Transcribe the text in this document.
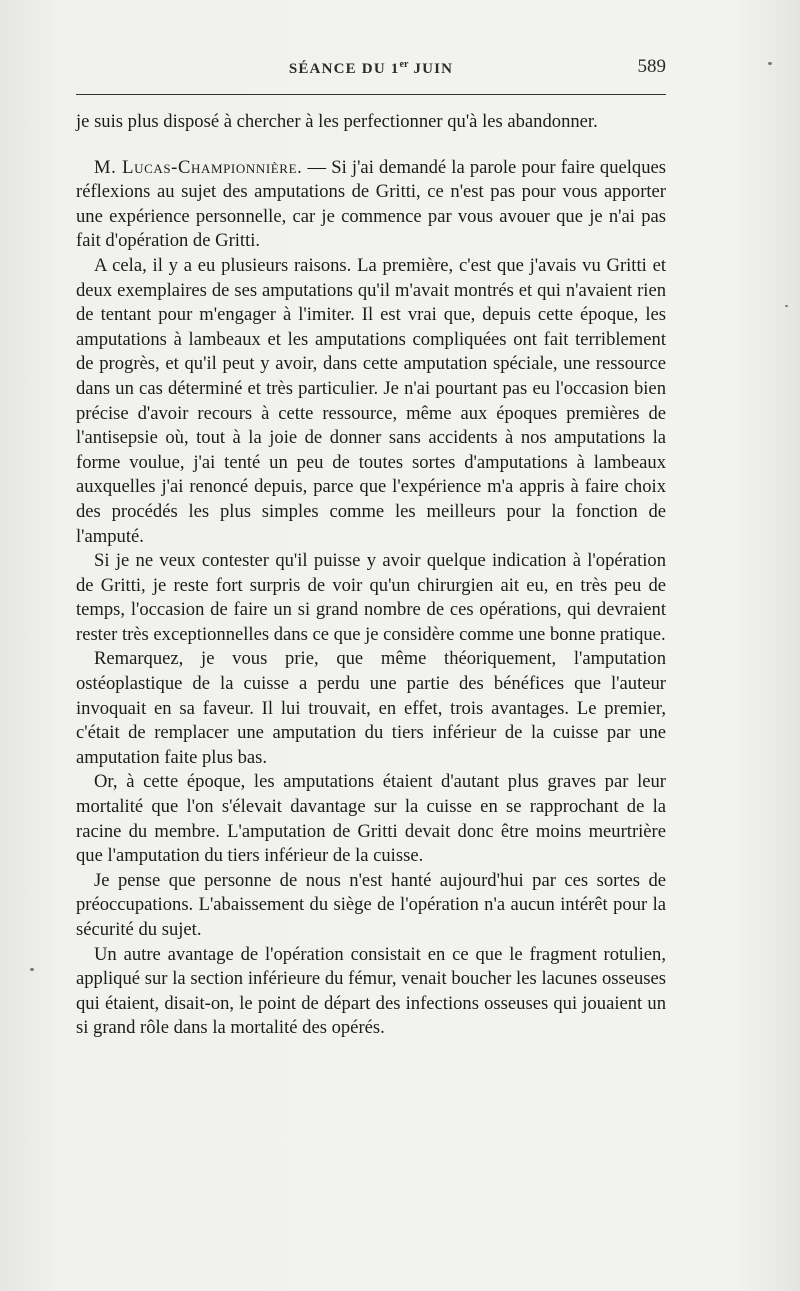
SÉANCE DU 1er JUIN	589

je suis plus disposé à chercher à les perfectionner qu'à les abandonner.

M. Lucas-Championnière. — Si j'ai demandé la parole pour faire quelques réflexions au sujet des amputations de Gritti, ce n'est pas pour vous apporter une expérience personnelle, car je commence par vous avouer que je n'ai pas fait d'opération de Gritti.

A cela, il y a eu plusieurs raisons. La première, c'est que j'avais vu Gritti et deux exemplaires de ses amputations qu'il m'avait montrés et qui n'avaient rien de tentant pour m'engager à l'imiter. Il est vrai que, depuis cette époque, les amputations à lambeaux et les amputations compliquées ont fait terriblement de progrès, et qu'il peut y avoir, dans cette amputation spéciale, une ressource dans un cas déterminé et très particulier. Je n'ai pourtant pas eu l'occasion bien précise d'avoir recours à cette ressource, même aux époques premières de l'antisepsie où, tout à la joie de donner sans accidents à nos amputations la forme voulue, j'ai tenté un peu de toutes sortes d'amputations à lambeaux auxquelles j'ai renoncé depuis, parce que l'expérience m'a appris à faire choix des procédés les plus simples comme les meilleurs pour la fonction de l'amputé.

Si je ne veux contester qu'il puisse y avoir quelque indication à l'opération de Gritti, je reste fort surpris de voir qu'un chirurgien ait eu, en très peu de temps, l'occasion de faire un si grand nombre de ces opérations, qui devraient rester très exceptionnelles dans ce que je considère comme une bonne pratique.

Remarquez, je vous prie, que même théoriquement, l'amputation ostéoplastique de la cuisse a perdu une partie des bénéfices que l'auteur invoquait en sa faveur. Il lui trouvait, en effet, trois avantages. Le premier, c'était de remplacer une amputation du tiers inférieur de la cuisse par une amputation faite plus bas.

Or, à cette époque, les amputations étaient d'autant plus graves par leur mortalité que l'on s'élevait davantage sur la cuisse en se rapprochant de la racine du membre. L'amputation de Gritti devait donc être moins meurtrière que l'amputation du tiers inférieur de la cuisse.

Je pense que personne de nous n'est hanté aujourd'hui par ces sortes de préoccupations. L'abaissement du siège de l'opération n'a aucun intérêt pour la sécurité du sujet.

Un autre avantage de l'opération consistait en ce que le fragment rotulien, appliqué sur la section inférieure du fémur, venait boucher les lacunes osseuses qui étaient, disait-on, le point de départ des infections osseuses qui jouaient un si grand rôle dans la mortalité des opérés.
